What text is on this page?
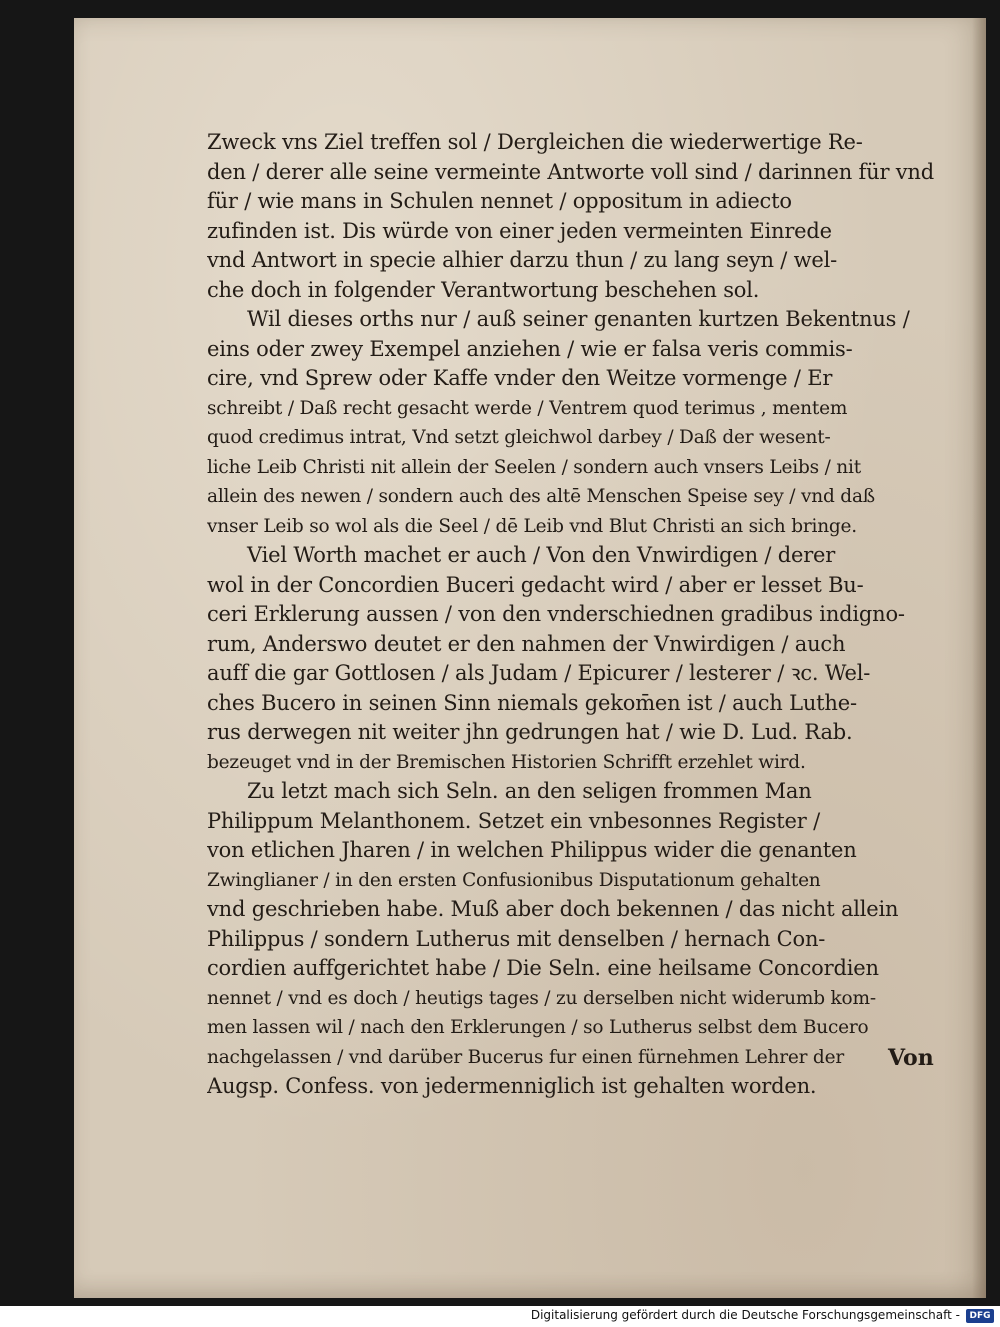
Zweck vns Ziel treffen sol / Dergleichen die wiederwertige Re-
den / derer alle seine vermeinte Antworte voll sind / darinnen für vnd
für / wie mans in Schulen nennet / oppositum in adiecto
zufinden ist. Dis würde von einer jeden vermeinten Einrede
vnd Antwort in specie alhier darzu thun / zu lang seyn / wel-
che doch in folgender Verantwortung beschehen sol.
Wil dieses orths nur / auß seiner genanten kurtzen Bekentnus /
eins oder zwey Exempel anziehen / wie er falsa veris commis-
cire, vnd Sprew oder Kaffe vnder den Weitze vormenge / Er
schreibt / Daß recht gesacht werde / Ventrem quod terimus , mentem
quod credimus intrat, Vnd setzt gleichwol darbey / Daß der wesent-
liche Leib Christi nit allein der Seelen / sondern auch vnsers Leibs / nit
allein des newen / sondern auch des altē Menschen Speise sey / vnd daß
vnser Leib so wol als die Seel / dē Leib vnd Blut Christi an sich bringe.
Viel Worth machet er auch / Von den Vnwirdigen / derer
wol in der Concordien Buceri gedacht wird / aber er lesset Bu-
ceri Erklerung aussen / von den vnderschiednen gradibus indigno-
rum, Anderswo deutet er den nahmen der Vnwirdigen / auch
auff die gar Gottlosen / als Judam / Epicurer / lesterer / ꝛc. Wel-
ches Bucero in seinen Sinn niemals gekom̄en ist / auch Luthe-
rus derwegen nit weiter jhn gedrungen hat / wie D. Lud. Rab.
bezeuget vnd in der Bremischen Historien Schrifft erzehlet wird.
Zu letzt mach sich Seln. an den seligen frommen Man
Philippum Melanthonem. Setzet ein vnbesonnes Register /
von etlichen Jharen / in welchen Philippus wider die genanten
Zwinglianer / in den ersten Confusionibus Disputationum gehalten
vnd geschrieben habe. Muß aber doch bekennen / das nicht allein
Philippus / sondern Lutherus mit denselben / hernach Con-
cordien auffgerichtet habe / Die Seln. eine heilsame Concordien
nennet / vnd es doch / heutigs tages / zu derselben nicht widerumb kom-
men lassen wil / nach den Erklerungen / so Lutherus selbst dem Bucero
nachgelassen / vnd darüber Bucerus fur einen fürnehmen Lehrer der
Augsp. Confess. von jedermenniglich ist gehalten worden.
Von
Digitalisierung gefördert durch die Deutsche Forschungsgemeinschaft -	DFG
